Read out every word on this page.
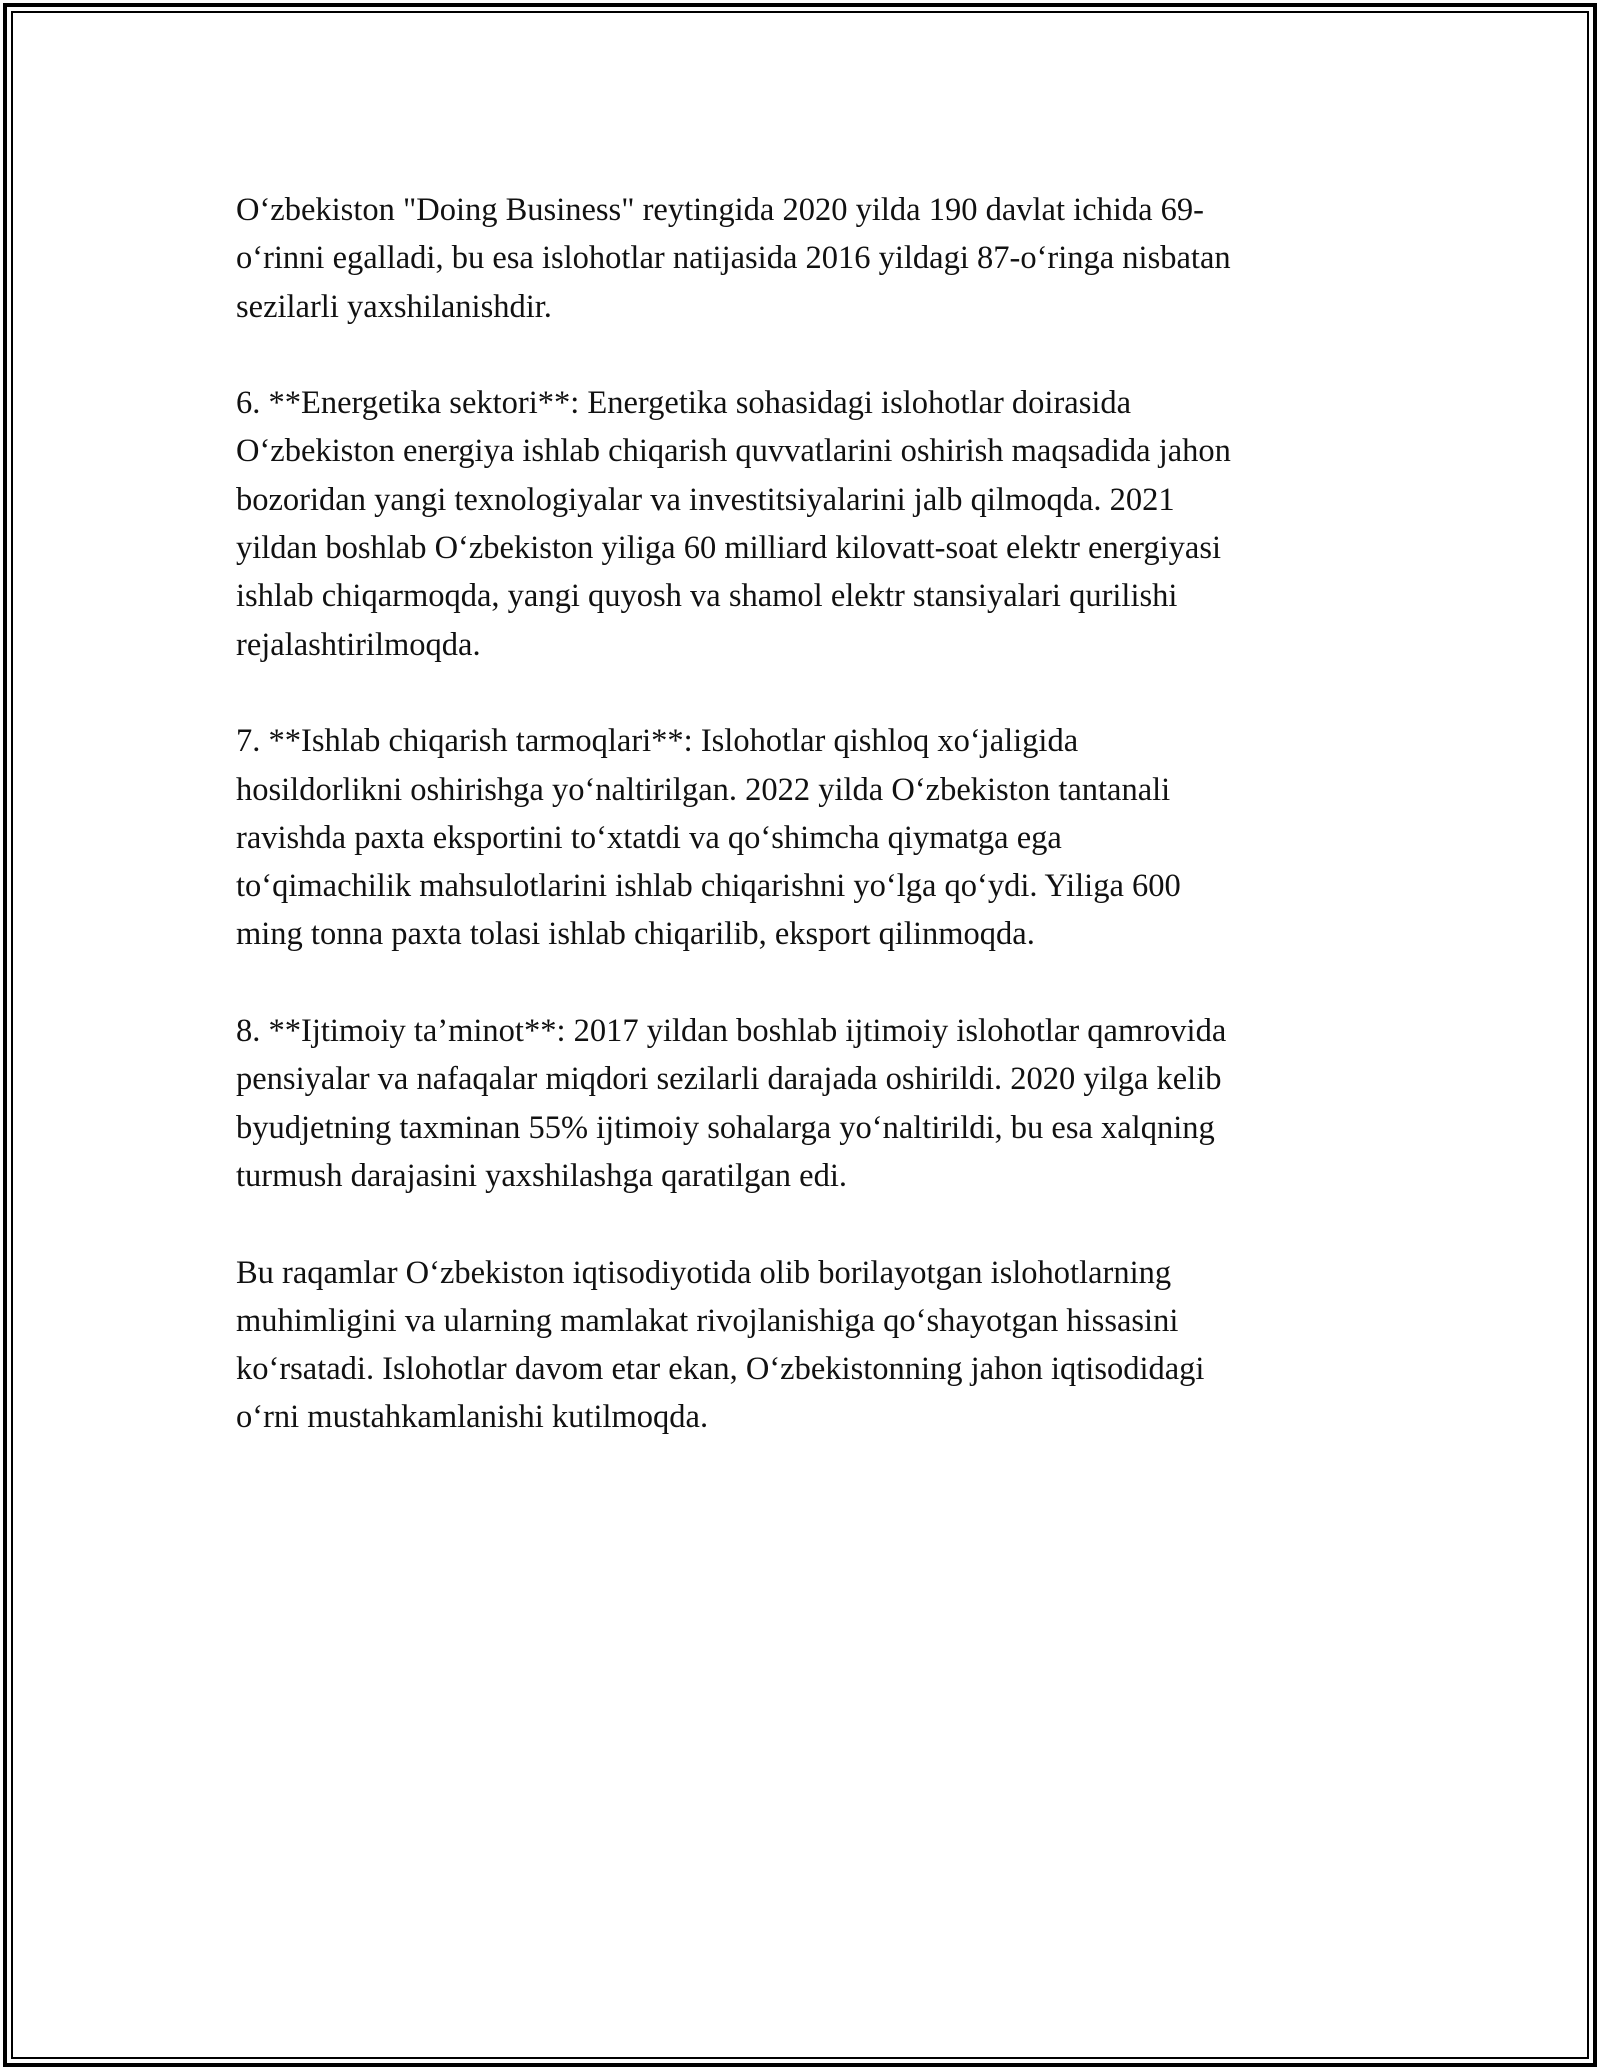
O‘zbekiston "Doing Business" reytingida 2020 yilda 190 davlat ichida 69-
o‘rinni egalladi, bu esa islohotlar natijasida 2016 yildagi 87-o‘ringa nisbatan
sezilarli yaxshilanishdir.

6. **Energetika sektori**: Energetika sohasidagi islohotlar doirasida
O‘zbekiston energiya ishlab chiqarish quvvatlarini oshirish maqsadida jahon
bozoridan yangi texnologiyalar va investitsiyalarini jalb qilmoqda. 2021
yildan boshlab O‘zbekiston yiliga 60 milliard kilovatt-soat elektr energiyasi
ishlab chiqarmoqda, yangi quyosh va shamol elektr stansiyalari qurilishi
rejalashtirilmoqda.

7. **Ishlab chiqarish tarmoqlari**: Islohotlar qishloq xo‘jaligida
hosildorlikni oshirishga yo‘naltirilgan. 2022 yilda O‘zbekiston tantanali
ravishda paxta eksportini to‘xtatdi va qo‘shimcha qiymatga ega
to‘qimachilik mahsulotlarini ishlab chiqarishni yo‘lga qo‘ydi. Yiliga 600
ming tonna paxta tolasi ishlab chiqarilib, eksport qilinmoqda.

8. **Ijtimoiy ta’minot**: 2017 yildan boshlab ijtimoiy islohotlar qamrovida
pensiyalar va nafaqalar miqdori sezilarli darajada oshirildi. 2020 yilga kelib
byudjetning taxminan 55% ijtimoiy sohalarga yo‘naltirildi, bu esa xalqning
turmush darajasini yaxshilashga qaratilgan edi.

Bu raqamlar O‘zbekiston iqtisodiyotida olib borilayotgan islohotlarning
muhimligini va ularning mamlakat rivojlanishiga qo‘shayotgan hissasini
ko‘rsatadi. Islohotlar davom etar ekan, O‘zbekistonning jahon iqtisodidagi
o‘rni mustahkamlanishi kutilmoqda.
